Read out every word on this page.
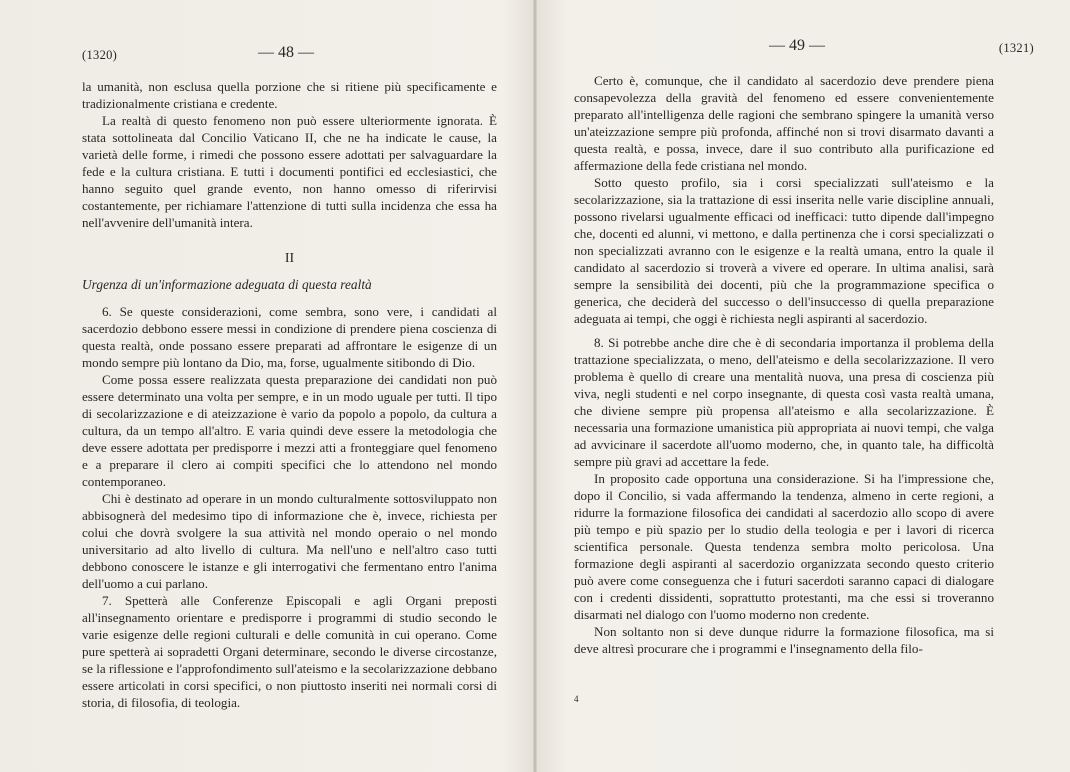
(1320)	— 48 —

la umanità, non esclusa quella porzione che si ritiene più specificamente e tradizionalmente cristiana e credente.

La realtà di questo fenomeno non può essere ulteriormente ignorata. È stata sottolineata dal Concilio Vaticano II, che ne ha indicate le cause, la varietà delle forme, i rimedi che possono essere adottati per salvaguardare la fede e la cultura cristiana. E tutti i documenti pontifici ed ecclesiastici, che hanno seguito quel grande evento, non hanno omesso di riferirvisi costantemente, per richiamare l'attenzione di tutti sulla incidenza che essa ha nell'avvenire dell'umanità intera.

II
Urgenza di un'informazione adeguata di questa realtà

6. Se queste considerazioni, come sembra, sono vere, i candidati al sacerdozio debbono essere messi in condizione di prendere piena coscienza di questa realtà, onde possano essere preparati ad affrontare le esigenze di un mondo sempre più lontano da Dio, ma, forse, ugualmente sitibondo di Dio.

Come possa essere realizzata questa preparazione dei candidati non può essere determinato una volta per sempre, e in un modo uguale per tutti. Il tipo di secolarizzazione e di ateizzazione è vario da popolo a popolo, da cultura a cultura, da un tempo all'altro. E varia quindi deve essere la metodologia che deve essere adottata per predisporre i mezzi atti a fronteggiare quel fenomeno e a preparare il clero ai compiti specifici che lo attendono nel mondo contemporaneo.

Chi è destinato ad operare in un mondo culturalmente sottosviluppato non abbisognerà del medesimo tipo di informazione che è, invece, richiesta per colui che dovrà svolgere la sua attività nel mondo operaio o nel mondo universitario ad alto livello di cultura. Ma nell'uno e nell'altro caso tutti debbono conoscere le istanze e gli interrogativi che fermentano entro l'anima dell'uomo a cui parlano.

7. Spetterà alle Conferenze Episcopali e agli Organi preposti all'insegnamento orientare e predisporre i programmi di studio secondo le varie esigenze delle regioni culturali e delle comunità in cui operano. Come pure spetterà ai sopradetti Organi determinare, secondo le diverse circostanze, se la riflessione e l'approfondimento sull'ateismo e la secolarizzazione debbano essere articolati in corsi specifici, o non piuttosto inseriti nei normali corsi di storia, di filosofia, di teologia.

— 49 —	(1321)

Certo è, comunque, che il candidato al sacerdozio deve prendere piena consapevolezza della gravità del fenomeno ed essere convenientemente preparato all'intelligenza delle ragioni che sembrano spingere la umanità verso un'ateizzazione sempre più profonda, affinché non si trovi disarmato davanti a questa realtà, e possa, invece, dare il suo contributo alla purificazione ed affermazione della fede cristiana nel mondo.

Sotto questo profilo, sia i corsi specializzati sull'ateismo e la secolarizzazione, sia la trattazione di essi inserita nelle varie discipline annuali, possono rivelarsi ugualmente efficaci od inefficaci: tutto dipende dall'impegno che, docenti ed alunni, vi mettono, e dalla pertinenza che i corsi specializzati o non specializzati avranno con le esigenze e la realtà umana, entro la quale il candidato al sacerdozio si troverà a vivere ed operare. In ultima analisi, sarà sempre la sensibilità dei docenti, più che la programmazione specifica o generica, che deciderà del successo o dell'insuccesso di quella preparazione adeguata ai tempi, che oggi è richiesta negli aspiranti al sacerdozio.

8. Si potrebbe anche dire che è di secondaria importanza il problema della trattazione specializzata, o meno, dell'ateismo e della secolarizzazione. Il vero problema è quello di creare una mentalità nuova, una presa di coscienza più viva, negli studenti e nel corpo insegnante, di questa così vasta realtà umana, che diviene sempre più propensa all'ateismo e alla secolarizzazione. È necessaria una formazione umanistica più appropriata ai nuovi tempi, che valga ad avvicinare il sacerdote all'uomo moderno, che, in quanto tale, ha difficoltà sempre più gravi ad accettare la fede.

In proposito cade opportuna una considerazione. Si ha l'impressione che, dopo il Concilio, si vada affermando la tendenza, almeno in certe regioni, a ridurre la formazione filosofica dei candidati al sacerdozio allo scopo di avere più tempo e più spazio per lo studio della teologia e per i lavori di ricerca scientifica personale. Questa tendenza sembra molto pericolosa. Una formazione degli aspiranti al sacerdozio organizzata secondo questo criterio può avere come conseguenza che i futuri sacerdoti saranno capaci di dialogare con i credenti dissidenti, soprattutto protestanti, ma che essi si troveranno disarmati nel dialogo con l'uomo moderno non credente.

Non soltanto non si deve dunque ridurre la formazione filosofica, ma si deve altresì procurare che i programmi e l'insegnamento della filo-

4
